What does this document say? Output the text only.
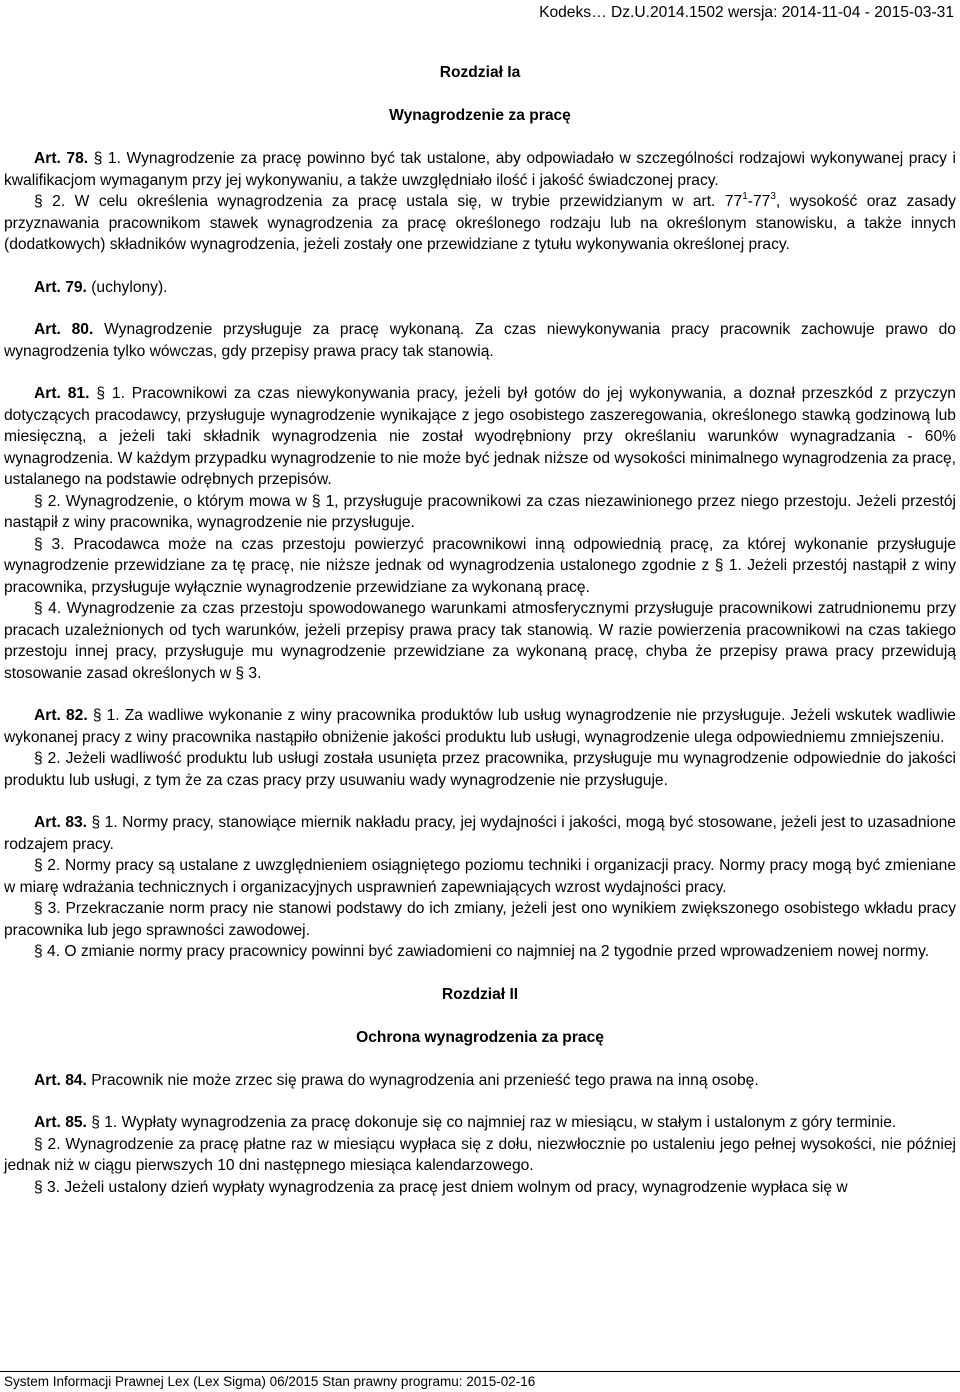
Kodeks… Dz.U.2014.1502 wersja: 2014-11-04 - 2015-03-31
Rozdział Ia
Wynagrodzenie za pracę

Art. 78. § 1. Wynagrodzenie za pracę powinno być tak ustalone, aby odpowiadało w szczególności rodzajowi wykonywanej pracy i kwalifikacjom wymaganym przy jej wykonywaniu, a także uwzględniało ilość i jakość świadczonej pracy.

§ 2. W celu określenia wynagrodzenia za pracę ustala się, w trybie przewidzianym w art. $77^1-77^3$, wysokość oraz zasady przyznawania pracownikom stawek wynagrodzenia za pracę określonego rodzaju lub na określonym stanowisku, a także innych (dodatkowych) składników wynagrodzenia, jeżeli zostały one przewidziane z tytułu wykonywania określonej pracy.

Art. 79. (uchylony).

Art. 80. Wynagrodzenie przysługuje za pracę wykonaną. Za czas niewykonywania pracy pracownik zachowuje prawo do wynagrodzenia tylko wówczas, gdy przepisy prawa pracy tak stanowią.

Art. 81. § 1. Pracownikowi za czas niewykonywania pracy, jeżeli był gotów do jej wykonywania, a doznał przeszkód z przyczyn dotyczących pracodawcy, przysługuje wynagrodzenie wynikające z jego osobistego zaszeregowania, określonego stawką godzinową lub miesięczną, a jeżeli taki składnik wynagrodzenia nie został wyodrębniony przy określaniu warunków wynagradzania - 60% wynagrodzenia. W każdym przypadku wynagrodzenie to nie może być jednak niższe od wysokości minimalnego wynagrodzenia za pracę, ustalanego na podstawie odrębnych przepisów.

§ 2. Wynagrodzenie, o którym mowa w § 1, przysługuje pracownikowi za czas niezawinionego przez niego przestoju. Jeżeli przestój nastąpił z winy pracownika, wynagrodzenie nie przysługuje.

§ 3. Pracodawca może na czas przestoju powierzyć pracownikowi inną odpowiednią pracę, za której wykonanie przysługuje wynagrodzenie przewidziane za tę pracę, nie niższe jednak od wynagrodzenia ustalonego zgodnie z § 1. Jeżeli przestój nastąpił z winy pracownika, przysługuje wyłącznie wynagrodzenie przewidziane za wykonaną pracę.

§ 4. Wynagrodzenie za czas przestoju spowodowanego warunkami atmosferycznymi przysługuje pracownikowi zatrudnionemu przy pracach uzależnionych od tych warunków, jeżeli przepisy prawa pracy tak stanowią. W razie powierzenia pracownikowi na czas takiego przestoju innej pracy, przysługuje mu wynagrodzenie przewidziane za wykonaną pracę, chyba że przepisy prawa pracy przewidują stosowanie zasad określonych w § 3.

Art. 82. § 1. Za wadliwe wykonanie z winy pracownika produktów lub usług wynagrodzenie nie przysługuje. Jeżeli wskutek wadliwie wykonanej pracy z winy pracownika nastąpiło obniżenie jakości produktu lub usługi, wynagrodzenie ulega odpowiedniemu zmniejszeniu.

§ 2. Jeżeli wadliwość produktu lub usługi została usunięta przez pracownika, przysługuje mu wynagrodzenie odpowiednie do jakości produktu lub usługi, z tym że za czas pracy przy usuwaniu wady wynagrodzenie nie przysługuje.

Art. 83. § 1. Normy pracy, stanowiące miernik nakładu pracy, jej wydajności i jakości, mogą być stosowane, jeżeli jest to uzasadnione rodzajem pracy.

§ 2. Normy pracy są ustalane z uwzględnieniem osiągniętego poziomu techniki i organizacji pracy. Normy pracy mogą być zmieniane w miarę wdrażania technicznych i organizacyjnych usprawnień zapewniających wzrost wydajności pracy.

§ 3. Przekraczanie norm pracy nie stanowi podstawy do ich zmiany, jeżeli jest ono wynikiem zwiększonego osobistego wkładu pracy pracownika lub jego sprawności zawodowej.

§ 4. O zmianie normy pracy pracownicy powinni być zawiadomieni co najmniej na 2 tygodnie przed wprowadzeniem nowej normy.

Rozdział II
Ochrona wynagrodzenia za pracę

Art. 84. Pracownik nie może zrzec się prawa do wynagrodzenia ani przenieść tego prawa na inną osobę.

Art. 85. § 1. Wypłaty wynagrodzenia za pracę dokonuje się co najmniej raz w miesiącu, w stałym i ustalonym z góry terminie.

§ 2. Wynagrodzenie za pracę płatne raz w miesiącu wypłaca się z dołu, niezwłocznie po ustaleniu jego pełnej wysokości, nie później jednak niż w ciągu pierwszych 10 dni następnego miesiąca kalendarzowego.

§ 3. Jeżeli ustalony dzień wypłaty wynagrodzenia za pracę jest dniem wolnym od pracy, wynagrodzenie wypłaca się w

System Informacji Prawnej Lex (Lex Sigma) 06/2015 Stan prawny programu: 2015-02-16
